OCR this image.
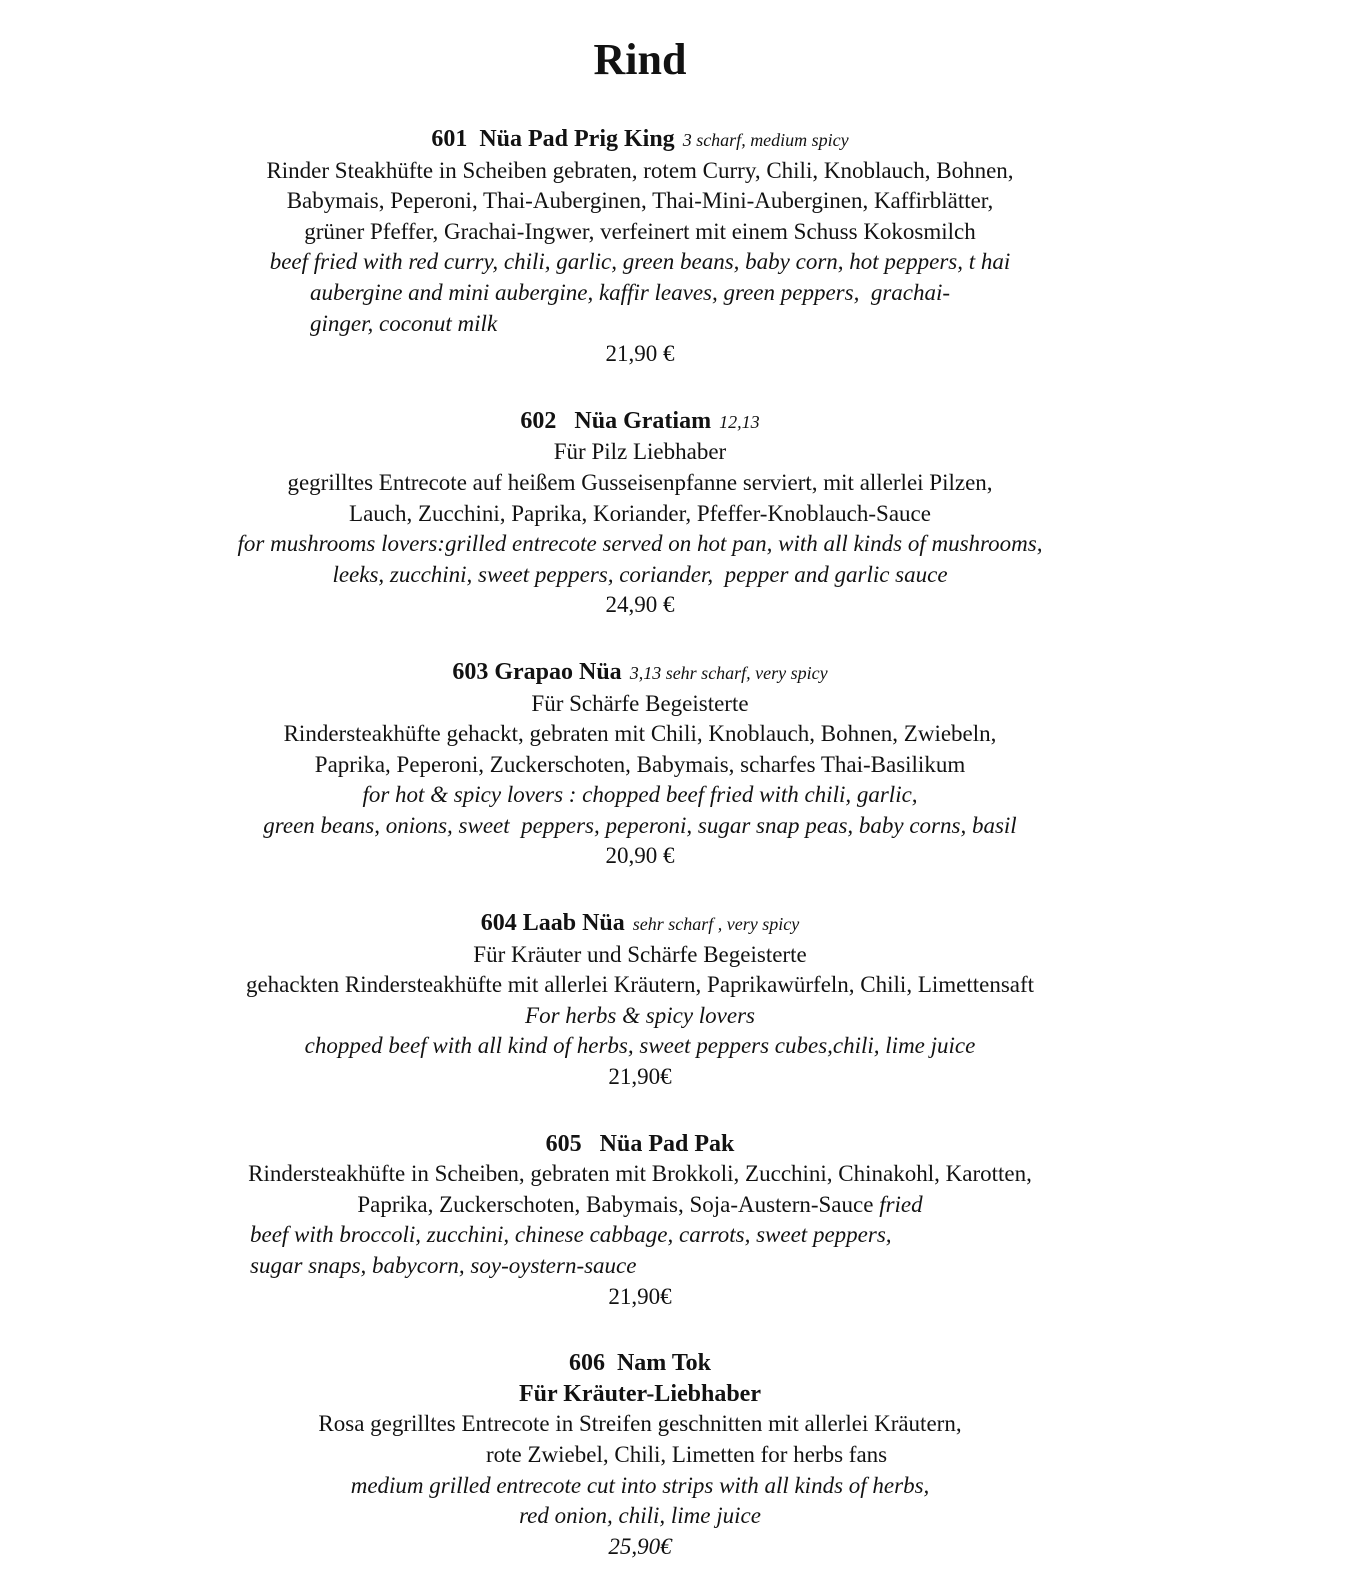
Rind
601  Nüa Pad Prig King 3 scharf, medium spicy
Rinder Steakhüfte in Scheiben gebraten, rotem Curry, Chili, Knoblauch, Bohnen,
Babymais, Peperoni, Thai-Auberginen, Thai-Mini-Auberginen, Kaffirblätter,
grüner Pfeffer, Grachai-Ingwer, verfeinert mit einem Schuss Kokosmilch
beef fried with red curry, chili, garlic, green beans, baby corn, hot peppers, t hai
aubergine and mini aubergine, kaffir leaves, green peppers,  grachai-
ginger, coconut milk
21,90 €
602   Nüa Gratiam 12,13
Für Pilz Liebhaber
gegrilltes Entrecote auf heißem Gusseisenpfanne serviert, mit allerlei Pilzen,
Lauch, Zucchini, Paprika, Koriander, Pfeffer-Knoblauch-Sauce
for mushrooms lovers:grilled entrecote served on hot pan, with all kinds of mushrooms,
leeks, zucchini, sweet peppers, coriander,  pepper and garlic sauce
24,90 €
603 Grapao Nüa 3,13 sehr scharf, very spicy
Für Schärfe Begeisterte
Rindersteakhüfte gehackt, gebraten mit Chili, Knoblauch, Bohnen, Zwiebeln,
Paprika, Peperoni, Zuckerschoten, Babymais, scharfes Thai-Basilikum
for hot & spicy lovers : chopped beef fried with chili, garlic,
green beans, onions, sweet  peppers, peperoni, sugar snap peas, baby corns, basil
20,90 €
604 Laab Nüa sehr scharf , very spicy
Für Kräuter und Schärfe Begeisterte
gehackten Rindersteakhüfte mit allerlei Kräutern, Paprikawürfeln, Chili, Limettensaft
For herbs & spicy lovers
chopped beef with all kind of herbs, sweet peppers cubes,chili, lime juice
21,90€
605   Nüa Pad Pak
Rindersteakhüfte in Scheiben, gebraten mit Brokkoli, Zucchini, Chinakohl, Karotten,
Paprika, Zuckerschoten, Babymais, Soja-Austern-Sauce fried
beef with broccoli, zucchini, chinese cabbage, carrots, sweet peppers,
sugar snaps, babycorn, soy-oystern-sauce
21,90€
606  Nam Tok
Für Kräuter-Liebhaber
Rosa gegrilltes Entrecote in Streifen geschnitten mit allerlei Kräutern,
rote Zwiebel, Chili, Limetten for herbs fans
medium grilled entrecote cut into strips with all kinds of herbs,
red onion, chili, lime juice
25,90€
